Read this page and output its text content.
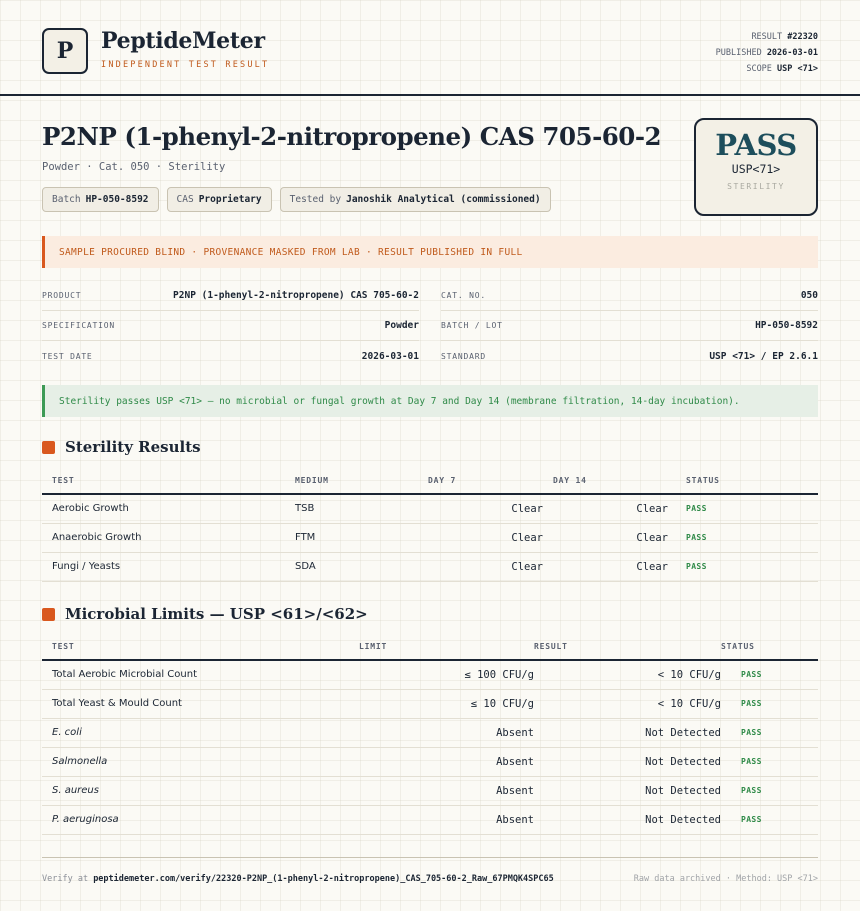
P	PeptideMeter
INDEPENDENT TEST RESULT
RESULT #22320
PUBLISHED 2026-03-01
SCOPE USP <71>
P2NP (1-phenyl-2-nitropropene) CAS 705-60-2
Powder · Cat. 050 · Sterility
Batch HP-050-8592	CAS Proprietary	Tested by Janoshik Analytical (commissioned)
PASS
USP<71>
STERILITY
SAMPLE PROCURED BLIND · PROVENANCE MASKED FROM LAB · RESULT PUBLISHED IN FULL
PRODUCT	P2NP (1-phenyl-2-nitropropene) CAS 705-60-2	CAT. NO.	050
SPECIFICATION	Powder	BATCH / LOT	HP-050-8592
TEST DATE	2026-03-01	STANDARD	USP <71> / EP 2.6.1
Sterility passes USP <71> — no microbial or fungal growth at Day 7 and Day 14 (membrane filtration, 14-day incubation).
Sterility Results
TEST	MEDIUM	DAY 7	DAY 14	STATUS
Aerobic Growth	TSB	Clear	Clear	PASS
Anaerobic Growth	FTM	Clear	Clear	PASS
Fungi / Yeasts	SDA	Clear	Clear	PASS
Microbial Limits — USP <61>/<62>
TEST	LIMIT	RESULT	STATUS
Total Aerobic Microbial Count	≤ 100 CFU/g	< 10 CFU/g	PASS
Total Yeast & Mould Count	≤ 10 CFU/g	< 10 CFU/g	PASS
E. coli	Absent	Not Detected	PASS
Salmonella	Absent	Not Detected	PASS
S. aureus	Absent	Not Detected	PASS
P. aeruginosa	Absent	Not Detected	PASS
Verify at peptidemeter.com/verify/22320-P2NP_(1-phenyl-2-nitropropene)_CAS_705-60-2_Raw_67PMQK4SPC65	Raw data archived · Method: USP <71>
